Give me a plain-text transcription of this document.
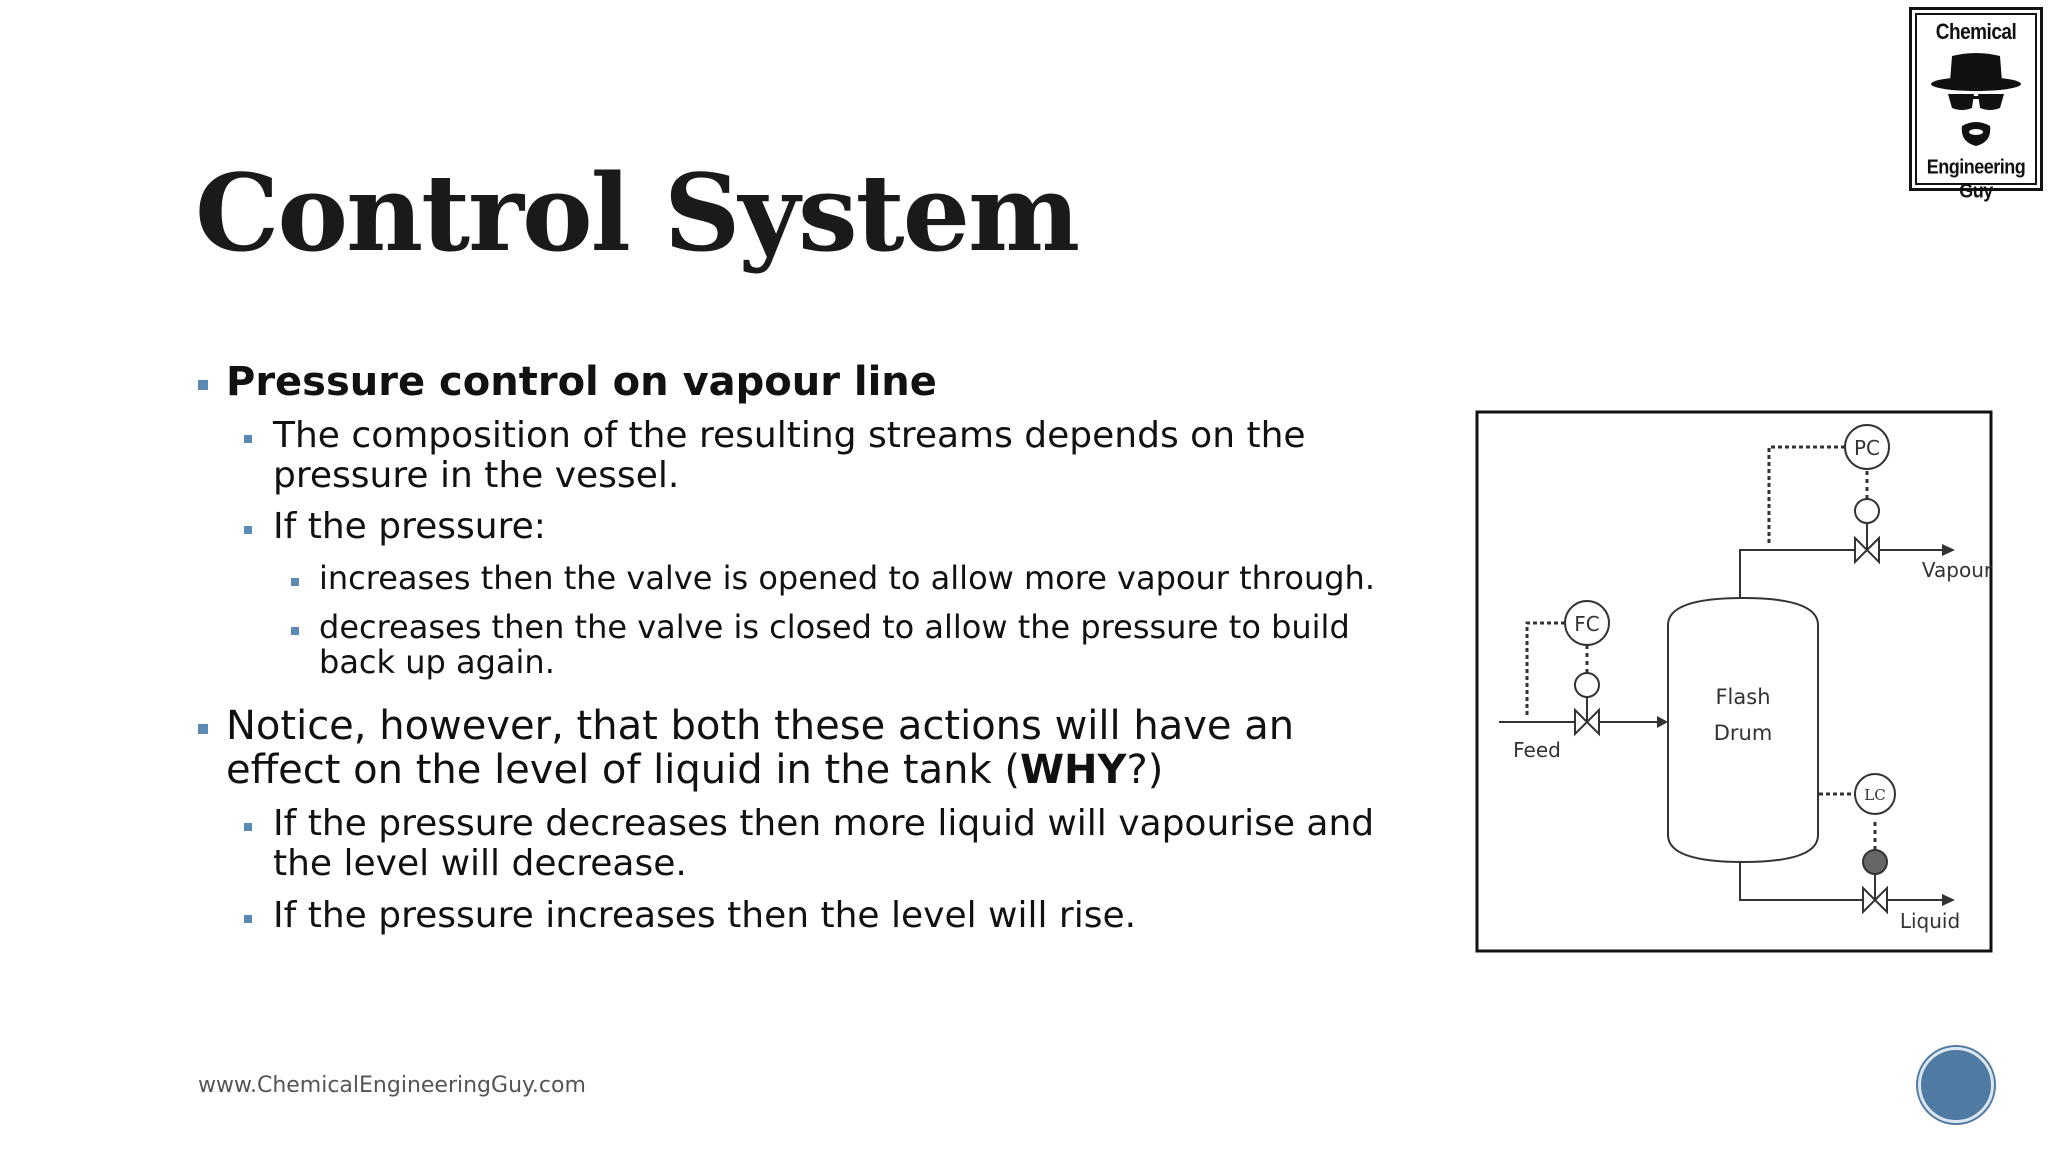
Control System
Chemical
Engineering Guy
Pressure control on vapour line
The composition of the resulting streams depends on the pressure in the vessel.
If the pressure:
increases then the valve is opened to allow more vapour through.
decreases then the valve is closed to allow the pressure to build back up again.
Notice, however, that both these actions will have an effect on the level of liquid in the tank (WHY?)
If the pressure decreases then more liquid will vapourise and the level will decrease.
If the pressure increases then the level will rise.
Flash
Drum
PC
Vapour
FC
Feed
LC
Liquid
www.ChemicalEngineeringGuy.com
